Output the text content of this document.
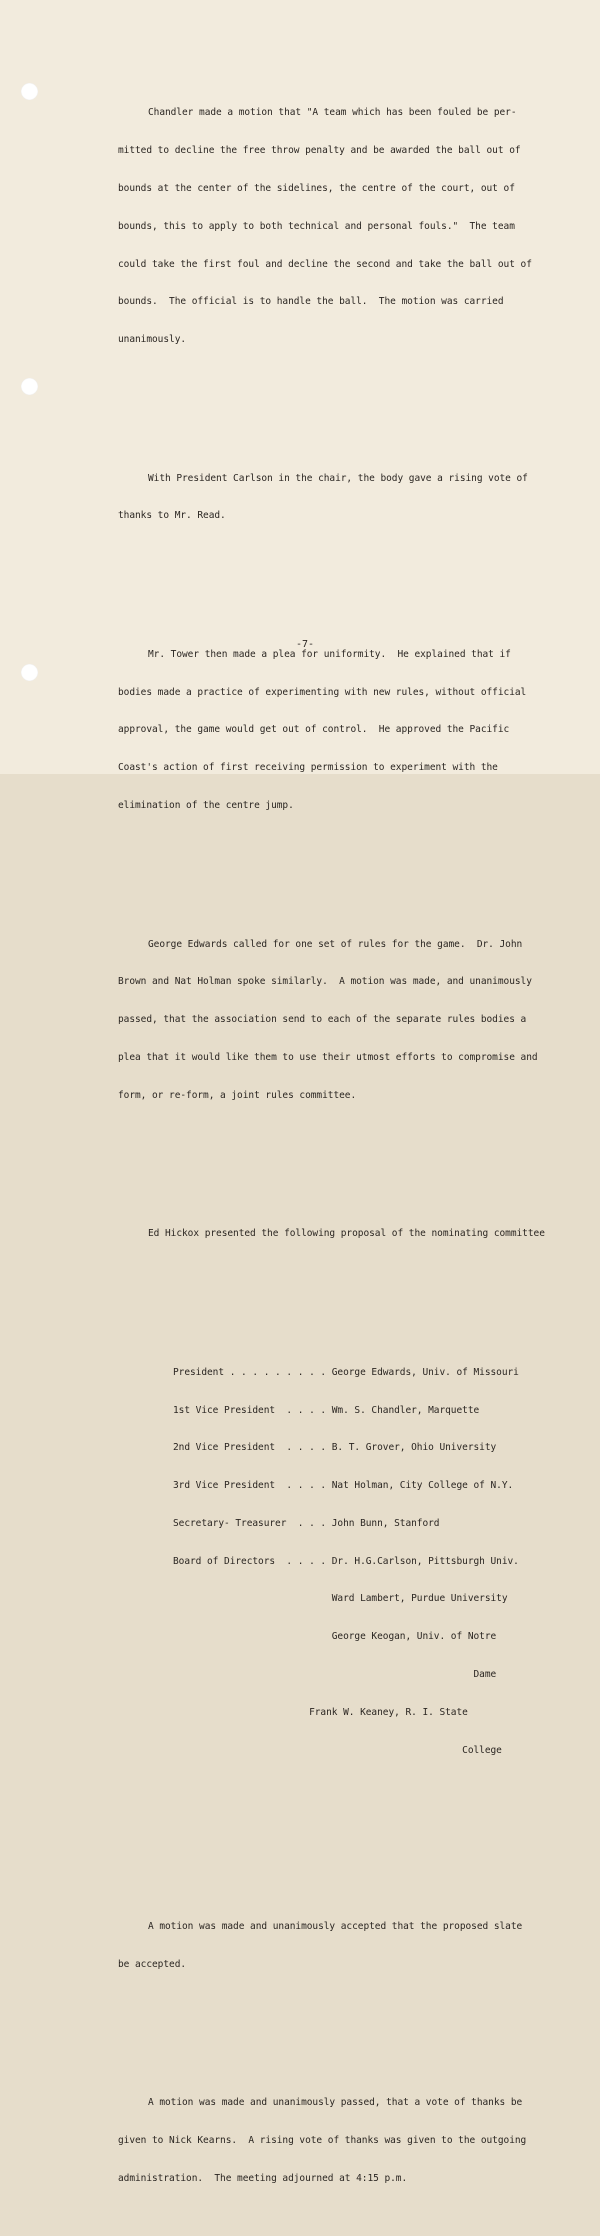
Chandler made a motion that "A team which has been fouled be per-

mitted to decline the free throw penalty and be awarded the ball out of

bounds at the center of the sidelines, the centre of the court, out of

bounds, this to apply to both technical and personal fouls."  The team

could take the first foul and decline the second and take the ball out of

bounds.  The official is to handle the ball.  The motion was carried

unanimously.

With President Carlson in the chair, the body gave a rising vote of

thanks to Mr. Read.

Mr. Tower then made a plea for uniformity.  He explained that if

bodies made a practice of experimenting with new rules, without official

approval, the game would get out of control.  He approved the Pacific

Coast's action of first receiving permission to experiment with the

elimination of the centre jump.

George Edwards called for one set of rules for the game.  Dr. John

Brown and Nat Holman spoke similarly.  A motion was made, and unanimously

passed, that the association send to each of the separate rules bodies a

plea that it would like them to use their utmost efforts to compromise and

form, or re-form, a joint rules committee.

Ed Hickox presented the following proposal of the nominating committee

President . . . . . . . . . George Edwards, Univ. of Missouri

1st Vice President  . . . . Wm. S. Chandler, Marquette

2nd Vice President  . . . . B. T. Grover, Ohio University

3rd Vice President  . . . . Nat Holman, City College of N.Y.

Secretary- Treasurer  . . . John Bunn, Stanford

Board of Directors  . . . . Dr. H.G.Carlson, Pittsburgh Univ.

Ward Lambert, Purdue University

George Keogan, Univ. of Notre

Dame

Frank W. Keaney, R. I. State

College

A motion was made and unanimously accepted that the proposed slate

be accepted.

A motion was made and unanimously passed, that a vote of thanks be

given to Nick Kearns.  A rising vote of thanks was given to the outgoing

administration.  The meeting adjourned at 4:15 p.m.

-7-
